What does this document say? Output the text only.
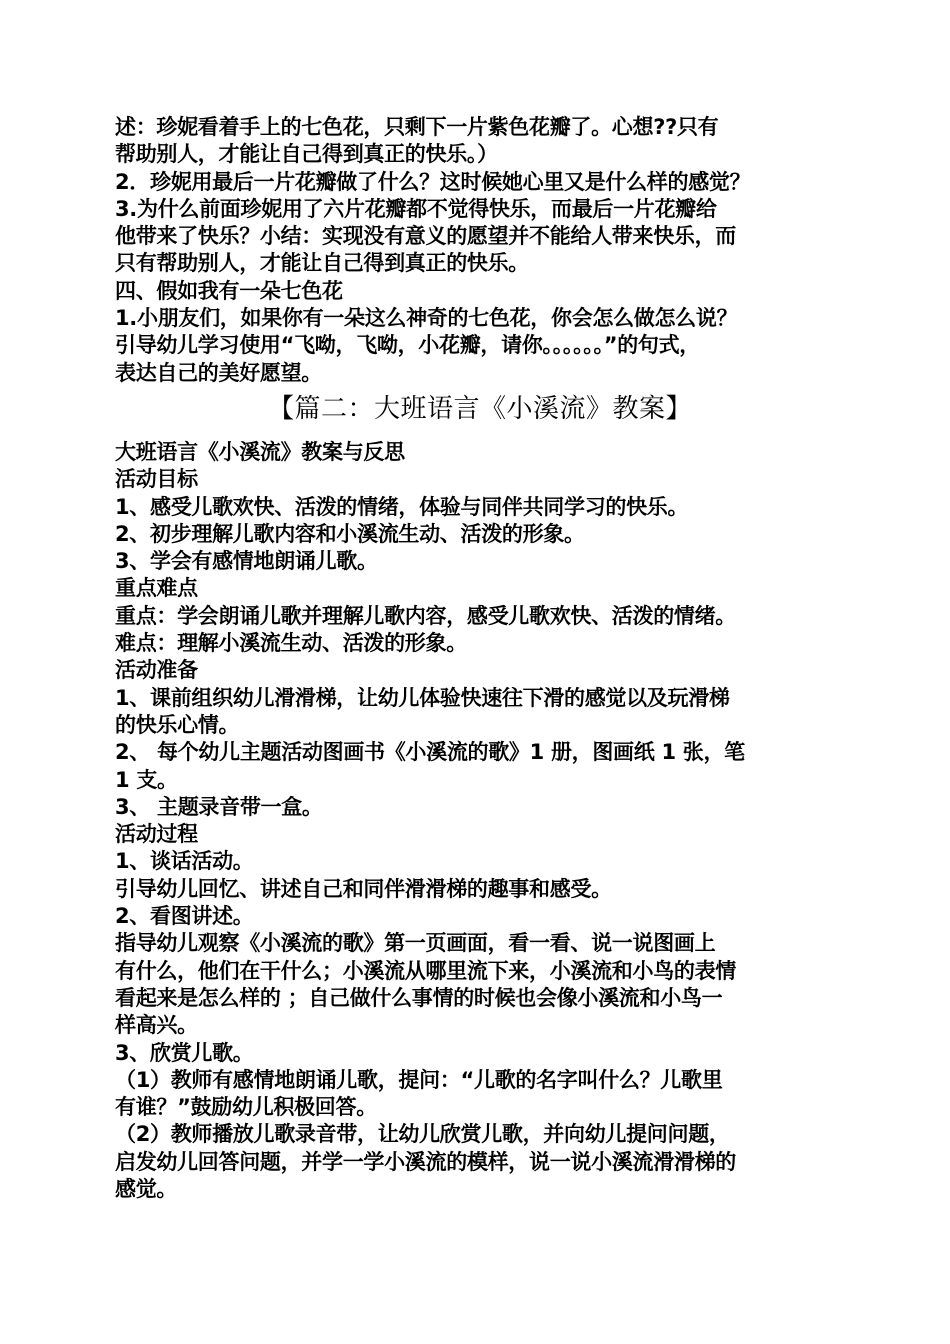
述：珍妮看着手上的七色花，只剩下一片紫色花瓣了。心想??只有
帮助别人，才能让自己得到真正的快乐。）
2．珍妮用最后一片花瓣做了什么？这时候她心里又是什么样的感觉？
3.为什么前面珍妮用了六片花瓣都不觉得快乐，而最后一片花瓣给
他带来了快乐？小结：实现没有意义的愿望并不能给人带来快乐，而
只有帮助别人，才能让自己得到真正的快乐。
四、假如我有一朵七色花
1.小朋友们，如果你有一朵这么神奇的七色花，你会怎么做怎么说？
引导幼儿学习使用“飞呦，飞呦，小花瓣，请你。。。。。。”的句式，
表达自己的美好愿望。
【篇二：大班语言《小溪流》教案】
大班语言《小溪流》教案与反思
活动目标
1、感受儿歌欢快、活泼的情绪，体验与同伴共同学习的快乐。
2、初步理解儿歌内容和小溪流生动、活泼的形象。
3、学会有感情地朗诵儿歌。
重点难点
重点：学会朗诵儿歌并理解儿歌内容，感受儿歌欢快、活泼的情绪。
难点：理解小溪流生动、活泼的形象。
活动准备
1、课前组织幼儿滑滑梯，让幼儿体验快速往下滑的感觉以及玩滑梯
的快乐心情。
2、 每个幼儿主题活动图画书《小溪流的歌》1 册，图画纸 1 张，笔
1 支。
3、 主题录音带一盒。
活动过程
1、谈话活动。
引导幼儿回忆、讲述自己和同伴滑滑梯的趣事和感受。
2、看图讲述。
指导幼儿观察《小溪流的歌》第一页画面，看一看、说一说图画上
有什么，他们在干什么；小溪流从哪里流下来，小溪流和小鸟的表情
看起来是怎么样的 ；自己做什么事情的时候也会像小溪流和小鸟一
样高兴。
3、欣赏儿歌。
（1）教师有感情地朗诵儿歌，提问：“儿歌的名字叫什么？儿歌里
有谁？”鼓励幼儿积极回答。
（2）教师播放儿歌录音带，让幼儿欣赏儿歌，并向幼儿提问问题，
启发幼儿回答问题，并学一学小溪流的模样，说一说小溪流滑滑梯的
感觉。
